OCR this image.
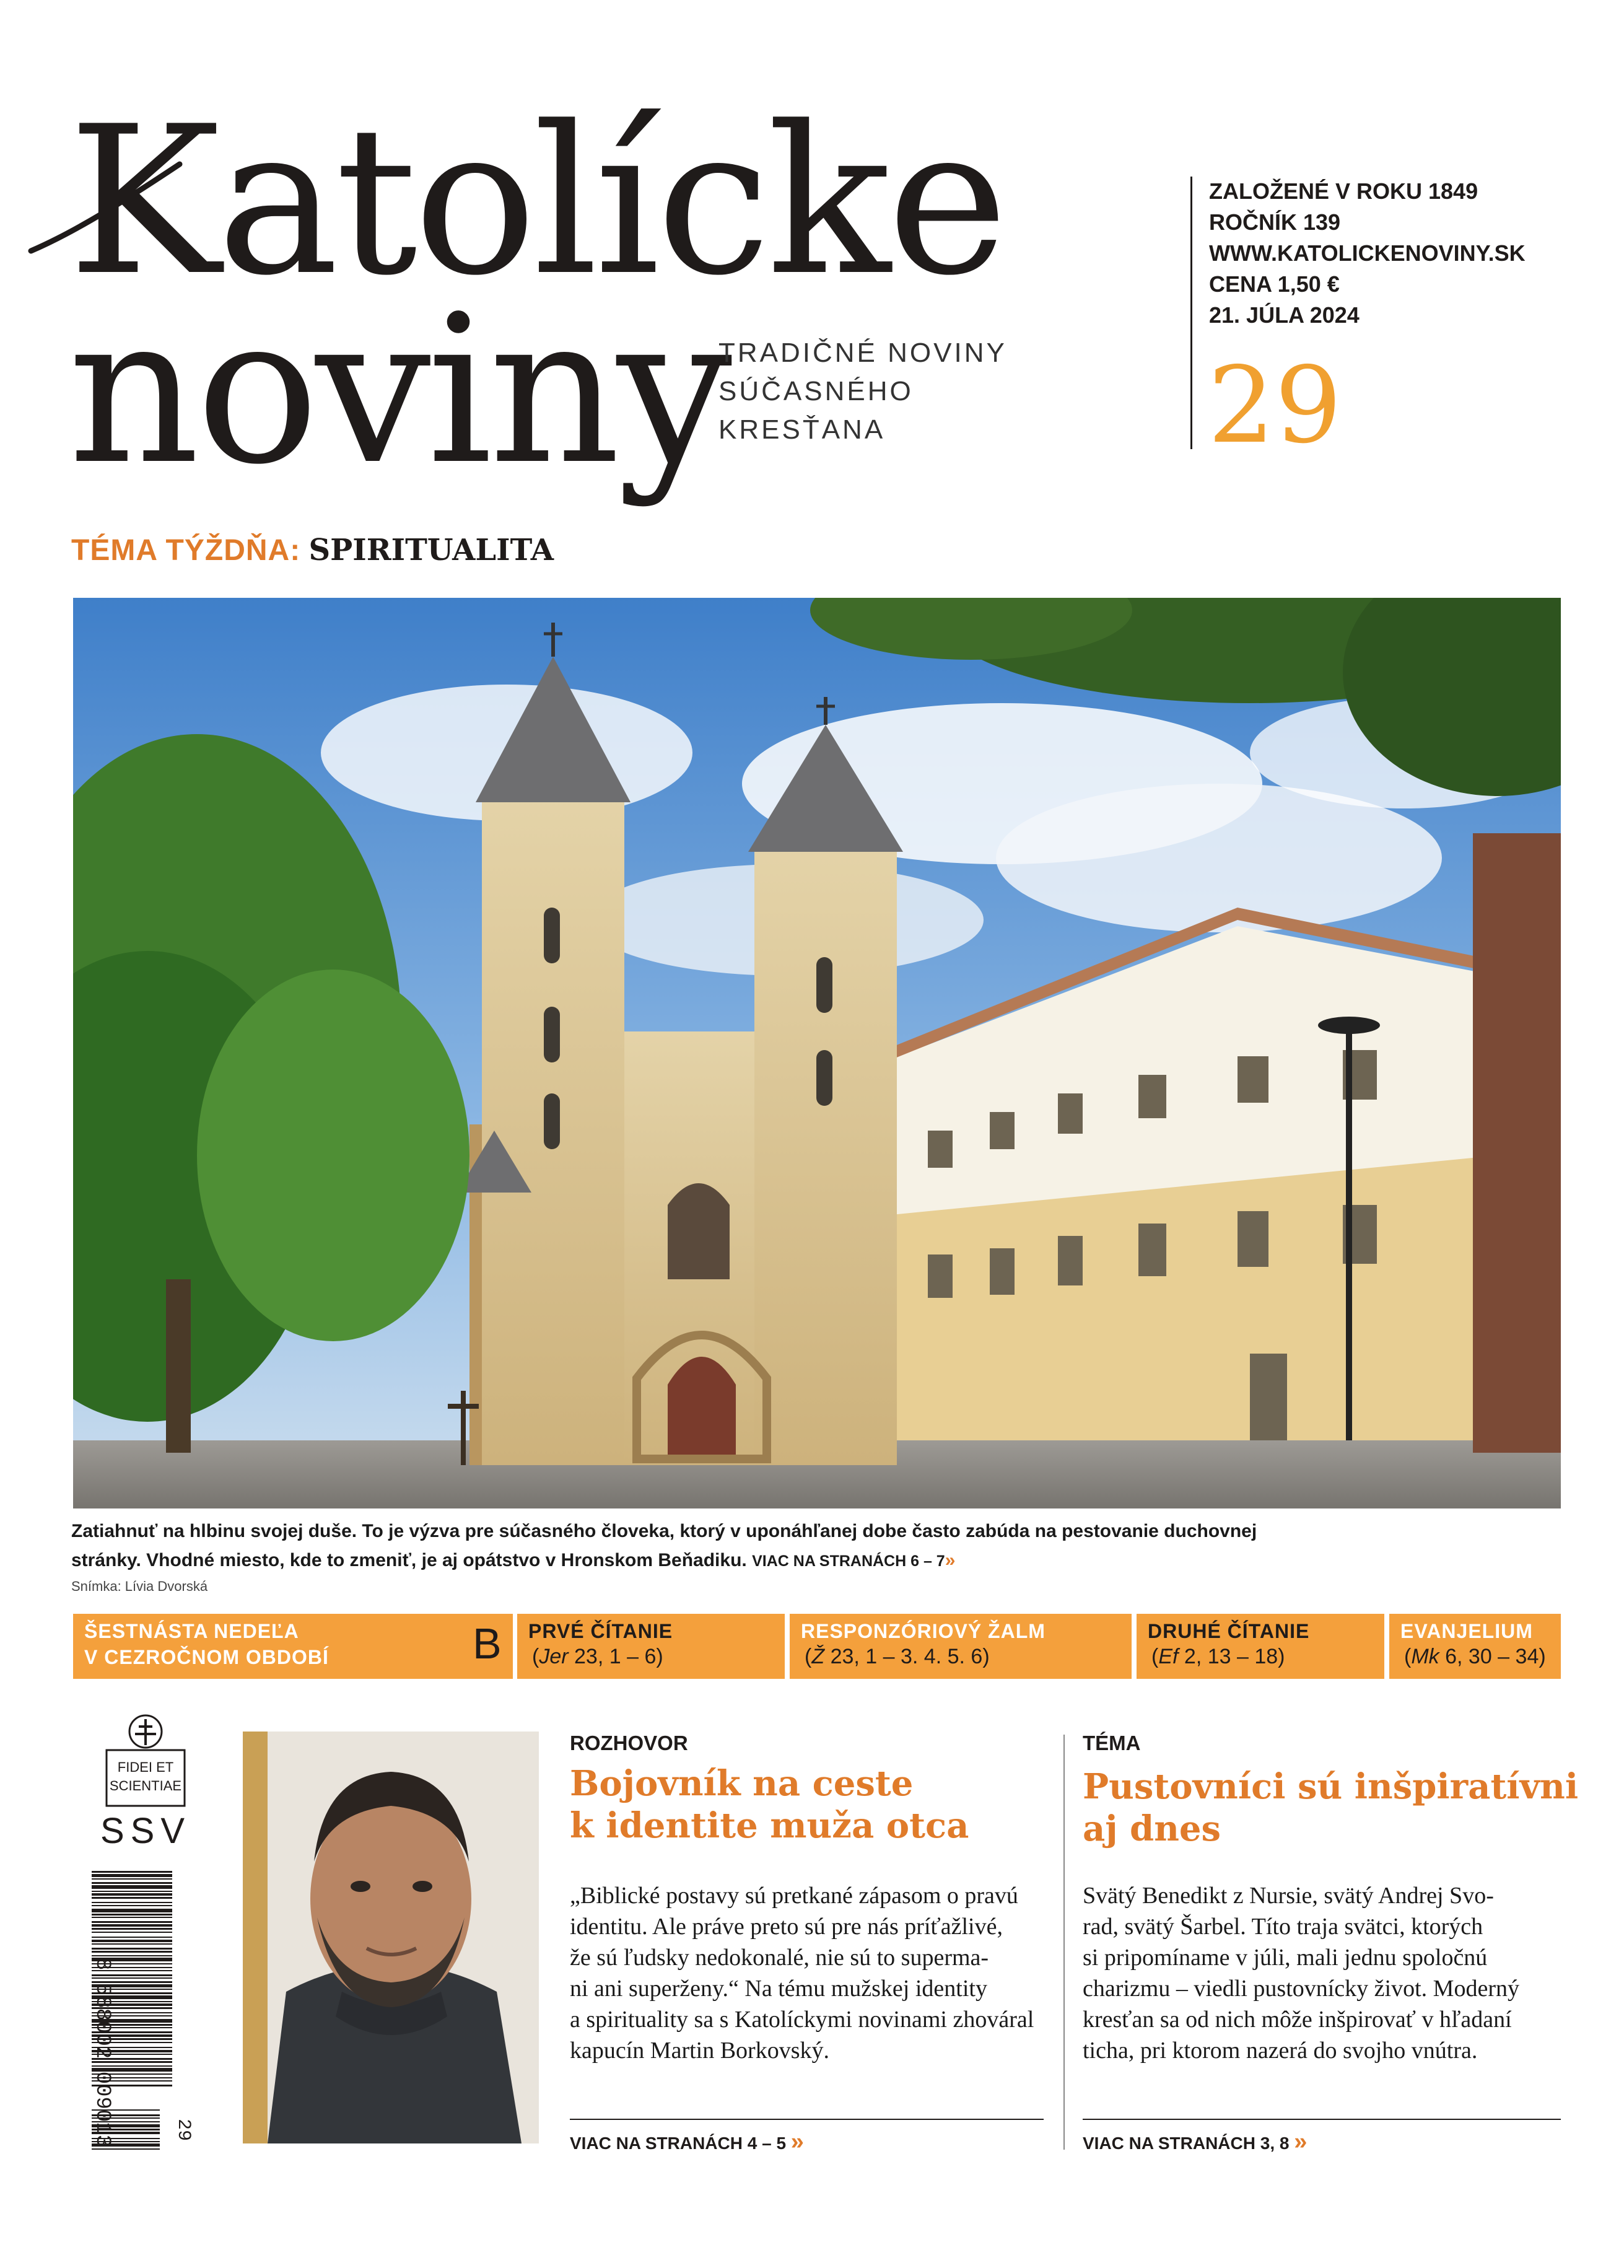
Katolícke
noviny
TRADIČNÉ NOVINY
SÚČASNÉHO
KRESŤANA
ZALOŽENÉ V ROKU 1849
ROČNÍK 139
WWW.KATOLICKENOVINY.SK
CENA 1,50 €
21. JÚLA 2024
29
TÉMA TÝŽDŇA: SPIRITUALITA
Zatiahnuť na hlbinu svojej duše. To je výzva pre súčasného človeka, ktorý v uponáhľanej dobe často zabúda na pestovanie duchovnej
stránky. Vhodné miesto, kde to zmeniť, je aj opátstvo v Hronskom Beňadiku. VIAC NA STRANÁCH 6 – 7»
Snímka: Lívia Dvorská
ŠESTNÁSTA NEDEĽA
V CEZROČNOM OBDOBÍ	B PRVÉ ČÍTANIE
(Jer 23, 1 – 6)
RESPONZÓRIOVÝ ŽALM
(Ž 23, 1 – 3. 4. 5. 6)
DRUHÉ ČÍTANIE
(Ef 2, 13 – 18)
EVANJELIUM
(Mk 6, 30 – 34)
FIDEI ET
SCIENTIAE
SSV
8 588002 009013	29
ROZHOVOR
Bojovník na ceste
k identite muža otca
„Biblické postavy sú pretkané zápasom o pravú
identitu. Ale práve preto sú pre nás príťažlivé,
že sú ľudsky nedokonalé, nie sú to superma-
ni ani superženy.“ Na tému mužskej identity
a spirituality sa s Katolíckymi novinami zhováral
kapucín Martin Borkovský.
VIAC NA STRANÁCH 4 – 5 »
TÉMA
Pustovníci sú inšpiratívni
aj dnes
Svätý Benedikt z Nursie, svätý Andrej Svo-
rad, svätý Šarbel. Títo traja svätci, ktorých
si pripomíname v júli, mali jednu spoločnú
charizmu – viedli pustovnícky život. Moderný
kresťan sa od nich môže inšpirovať v hľadaní
ticha, pri ktorom nazerá do svojho vnútra.
VIAC NA STRANÁCH 3, 8 »
